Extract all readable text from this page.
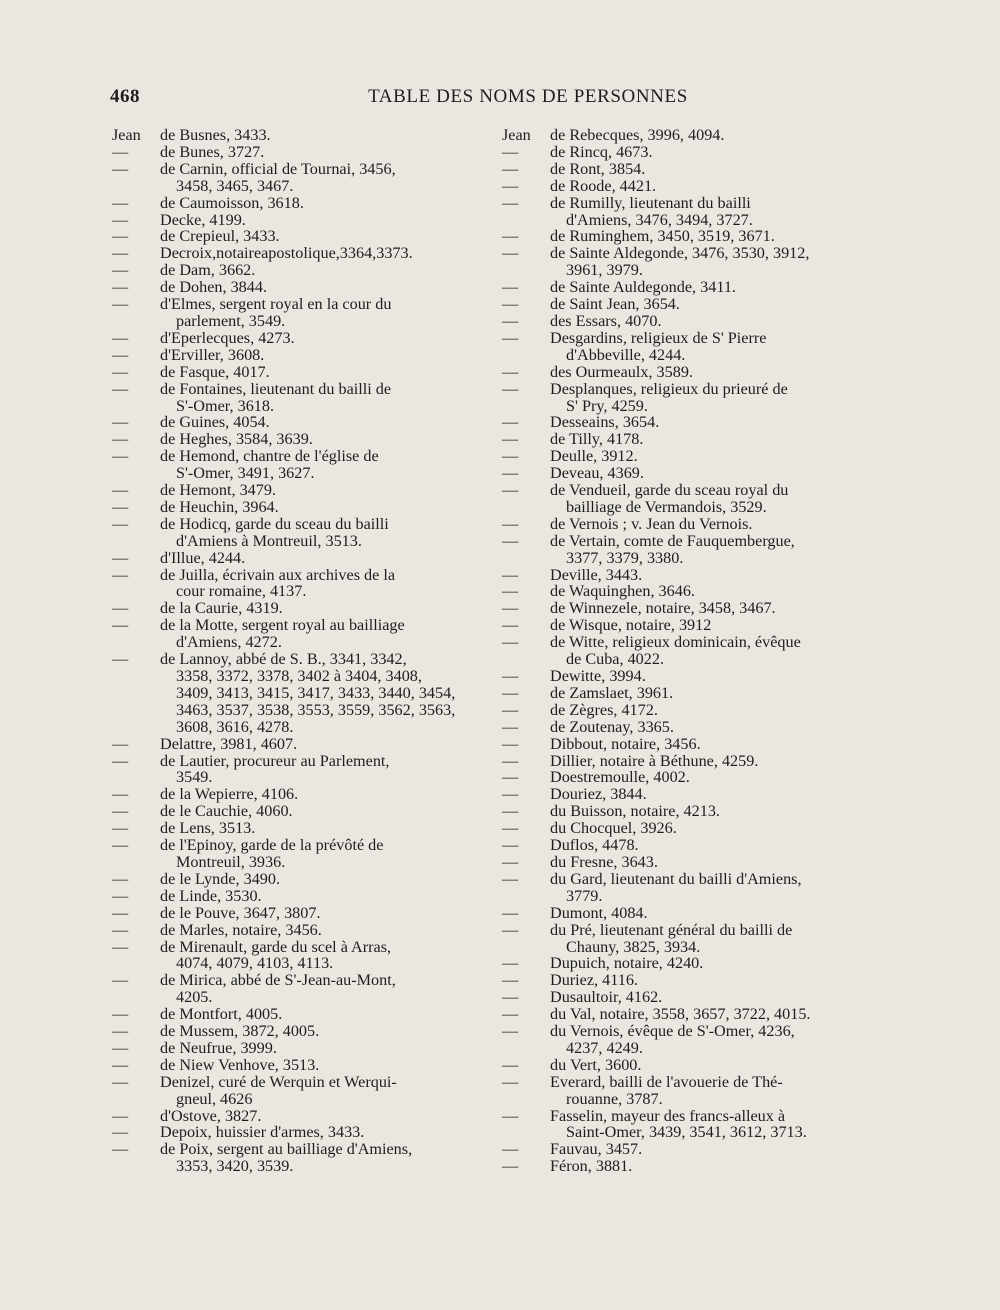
468	TABLE DES NOMS DE PERSONNES
Jean	de Busnes, 3433.
—	de Bunes, 3727.
—	de Carnin, official de Tournai, 3456,
3458, 3465, 3467.
—	de Caumoisson, 3618.
—	Decke, 4199.
—	de Crepieul, 3433.
—	Decroix,notaireapostolique,3364,3373.
—	de Dam, 3662.
—	de Dohen, 3844.
—	d'Elmes, sergent royal en la cour du
parlement, 3549.
—	d'Eperlecques, 4273.
—	d'Erviller, 3608.
—	de Fasque, 4017.
—	de Fontaines, lieutenant du bailli de
S'-Omer, 3618.
—	de Guines, 4054.
—	de Heghes, 3584, 3639.
—	de Hemond, chantre de l'église de
S'-Omer, 3491, 3627.
—	de Hemont, 3479.
—	de Heuchin, 3964.
—	de Hodicq, garde du sceau du bailli
d'Amiens à Montreuil, 3513.
—	d'Illue, 4244.
—	de Juilla, écrivain aux archives de la
cour romaine, 4137.
—	de la Caurie, 4319.
—	de la Motte, sergent royal au bailliage
d'Amiens, 4272.
—	de Lannoy, abbé de S. B., 3341, 3342,
3358, 3372, 3378, 3402 à 3404, 3408,
3409, 3413, 3415, 3417, 3433, 3440, 3454,
3463, 3537, 3538, 3553, 3559, 3562, 3563,
3608, 3616, 4278.
—	Delattre, 3981, 4607.
—	de Lautier, procureur au Parlement,
3549.
—	de la Wepierre, 4106.
—	de le Cauchie, 4060.
—	de Lens, 3513.
—	de l'Epinoy, garde de la prévôté de
Montreuil, 3936.
—	de le Lynde, 3490.
—	de Linde, 3530.
—	de le Pouve, 3647, 3807.
—	de Marles, notaire, 3456.
—	de Mirenault, garde du scel à Arras,
4074, 4079, 4103, 4113.
—	de Mirica, abbé de S'-Jean-au-Mont,
4205.
—	de Montfort, 4005.
—	de Mussem, 3872, 4005.
—	de Neufrue, 3999.
—	de Niew Venhove, 3513.
—	Denizel, curé de Werquin et Werqui-
gneul, 4626
—	d'Ostove, 3827.
—	Depoix, huissier d'armes, 3433.
—	de Poix, sergent au bailliage d'Amiens,
3353, 3420, 3539.
Jean	de Rebecques, 3996, 4094.
—	de Rincq, 4673.
—	de Ront, 3854.
—	de Roode, 4421.
—	de Rumilly, lieutenant du bailli
d'Amiens, 3476, 3494, 3727.
—	de Ruminghem, 3450, 3519, 3671.
—	de Sainte Aldegonde, 3476, 3530, 3912,
3961, 3979.
—	de Sainte Auldegonde, 3411.
—	de Saint Jean, 3654.
—	des Essars, 4070.
—	Desgardins, religieux de S' Pierre
d'Abbeville, 4244.
—	des Ourmeaulx, 3589.
—	Desplanques, religieux du prieuré de
S' Pry, 4259.
—	Desseains, 3654.
—	de Tilly, 4178.
—	Deulle, 3912.
—	Deveau, 4369.
—	de Vendueil, garde du sceau royal du
bailliage de Vermandois, 3529.
—	de Vernois ; v. Jean du Vernois.
—	de Vertain, comte de Fauquembergue,
3377, 3379, 3380.
—	Deville, 3443.
—	de Waquinghen, 3646.
—	de Winnezele, notaire, 3458, 3467.
—	de Wisque, notaire, 3912
—	de Witte, religieux dominicain, évêque
de Cuba, 4022.
—	Dewitte, 3994.
—	de Zamslaet, 3961.
—	de Zègres, 4172.
—	de Zoutenay, 3365.
—	Dibbout, notaire, 3456.
—	Dillier, notaire à Béthune, 4259.
—	Doestremoulle, 4002.
—	Douriez, 3844.
—	du Buisson, notaire, 4213.
—	du Chocquel, 3926.
—	Duflos, 4478.
—	du Fresne, 3643.
—	du Gard, lieutenant du bailli d'Amiens,
3779.
—	Dumont, 4084.
—	du Pré, lieutenant général du bailli de
Chauny, 3825, 3934.
—	Dupuich, notaire, 4240.
—	Duriez, 4116.
—	Dusaultoir, 4162.
—	du Val, notaire, 3558, 3657, 3722, 4015.
—	du Vernois, évêque de S'-Omer, 4236,
4237, 4249.
—	du Vert, 3600.
—	Everard, bailli de l'avouerie de Thé-
rouanne, 3787.
—	Fasselin, mayeur des francs-alleux à
Saint-Omer, 3439, 3541, 3612, 3713.
—	Fauvau, 3457.
—	Féron, 3881.
